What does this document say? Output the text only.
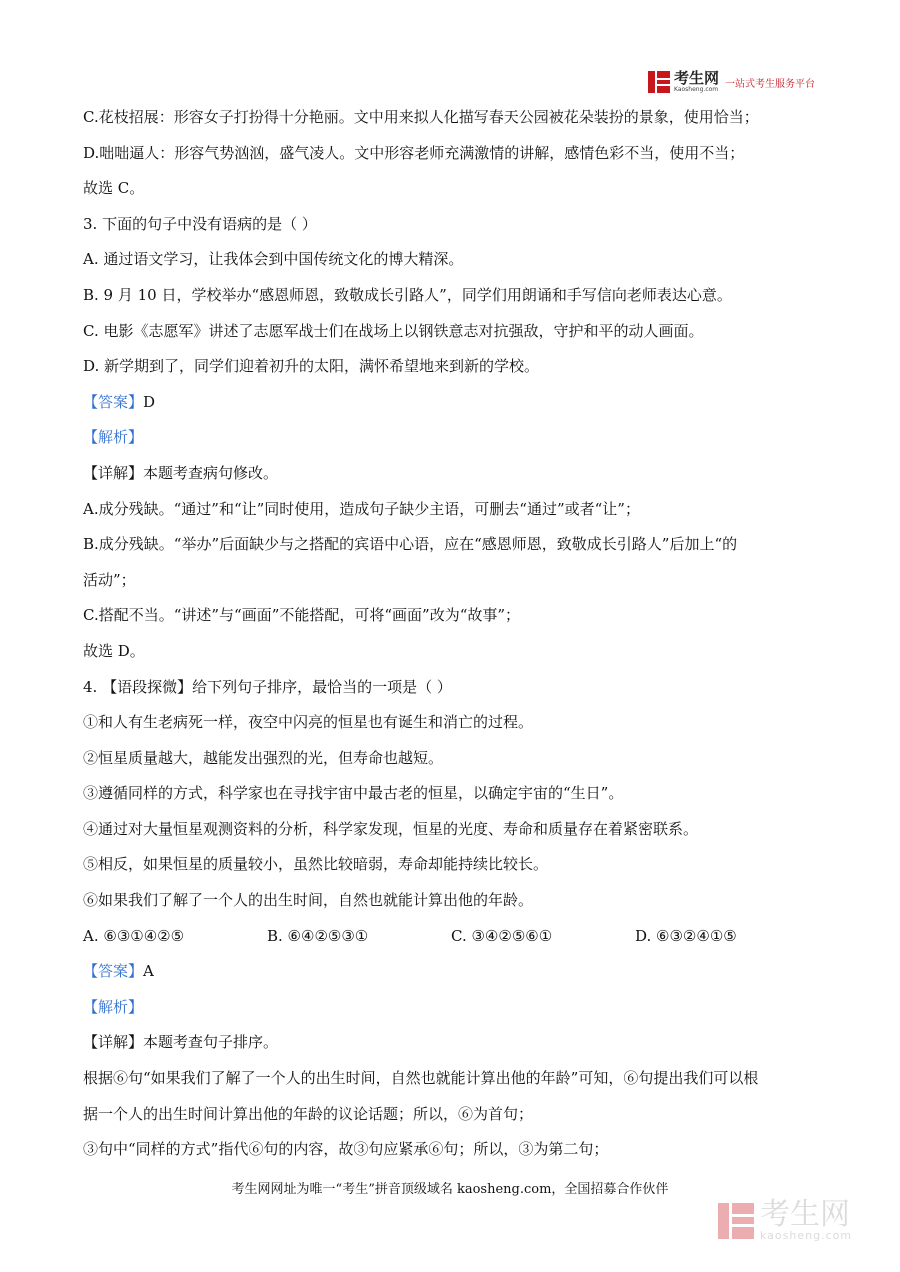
考生网
Kaosheng.com 一站式考生服务平台
C.花枝招展：形容女子打扮得十分艳丽。文中用来拟人化描写春天公园被花朵装扮的景象，使用恰当；
D.咄咄逼人：形容气势汹汹，盛气凌人。文中形容老师充满激情的讲解，感情色彩不当，使用不当；
故选 C。
3. 下面的句子中没有语病的是（ ）
A. 通过语文学习，让我体会到中国传统文化的博大精深。
B. 9 月 10 日，学校举办“感恩师恩，致敬成长引路人”，同学们用朗诵和手写信向老师表达心意。
C. 电影《志愿军》讲述了志愿军战士们在战场上以钢铁意志对抗强敌，守护和平的动人画面。
D. 新学期到了，同学们迎着初升的太阳，满怀希望地来到新的学校。
【答案】D
【解析】
【详解】本题考查病句修改。
A.成分残缺。“通过”和“让”同时使用，造成句子缺少主语，可删去“通过”或者“让”；
B.成分残缺。“举办”后面缺少与之搭配的宾语中心语，应在“感恩师恩，致敬成长引路人”后加上“的
活动”；
C.搭配不当。“讲述”与“画面”不能搭配，可将“画面”改为“故事”；
故选 D。
4. 【语段探微】给下列句子排序，最恰当的一项是（ ）
①和人有生老病死一样，夜空中闪亮的恒星也有诞生和消亡的过程。
②恒星质量越大，越能发出强烈的光，但寿命也越短。
③遵循同样的方式，科学家也在寻找宇宙中最古老的恒星，以确定宇宙的“生日”。
④通过对大量恒星观测资料的分析，科学家发现，恒星的光度、寿命和质量存在着紧密联系。
⑤相反，如果恒星的质量较小，虽然比较暗弱，寿命却能持续比较长。
⑥如果我们了解了一个人的出生时间，自然也就能计算出他的年龄。
A. ⑥③①④②⑤	B. ⑥④②⑤③①	C. ③④②⑤⑥①	D. ⑥③②④①⑤
【答案】A
【解析】
【详解】本题考查句子排序。
根据⑥句“如果我们了解了一个人的出生时间，自然也就能计算出他的年龄”可知，⑥句提出我们可以根
据一个人的出生时间计算出他的年龄的议论话题；所以，⑥为首句；
③句中“同样的方式”指代⑥句的内容，故③句应紧承⑥句；所以，③为第二句；
考生网网址为唯一“考生”拼音顶级域名 kaosheng.com，全国招募合作伙伴
考生网
kaosheng.com
